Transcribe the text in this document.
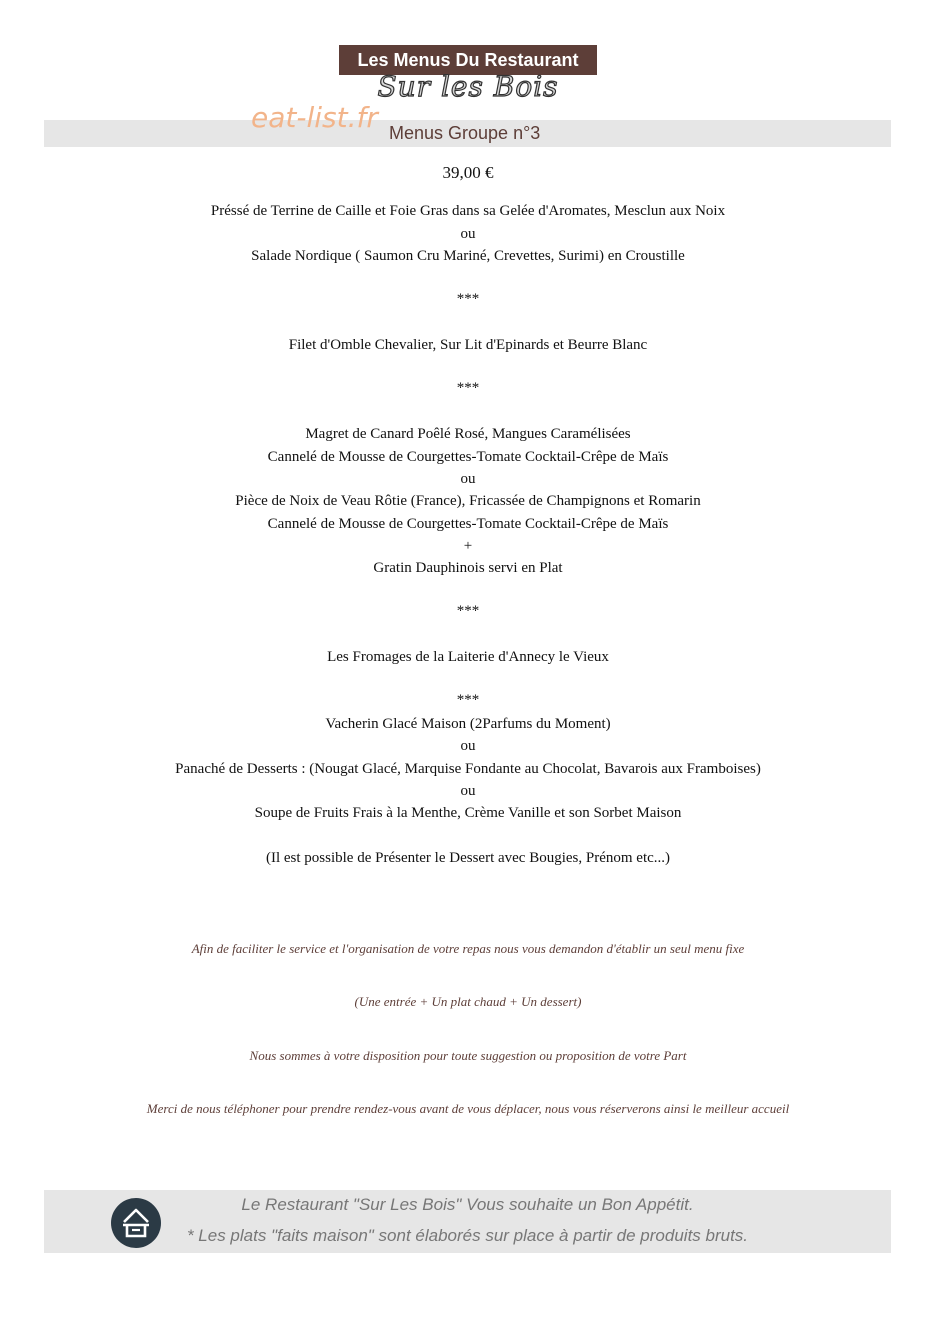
Les Menus Du Restaurant
Sur les Bois
eat-list.fr Menus Groupe n°3
39,00 €
Préssé de Terrine de Caille et Foie Gras dans sa Gelée d'Aromates, Mesclun aux Noix
ou
Salade Nordique ( Saumon Cru Mariné, Crevettes, Surimi) en Croustille
***
Filet d'Omble Chevalier, Sur Lit d'Epinards et Beurre Blanc
***
Magret de Canard Poêlé Rosé, Mangues Caramélisées
Cannelé de Mousse de Courgettes-Tomate Cocktail-Crêpe de Maïs
ou
Pièce de Noix de Veau Rôtie (France), Fricassée de Champignons et Romarin
Cannelé de Mousse de Courgettes-Tomate Cocktail-Crêpe de Maïs
+
Gratin Dauphinois servi en Plat
***
Les Fromages de la Laiterie d'Annecy le Vieux
***
Vacherin Glacé Maison (2Parfums du Moment)
ou
Panaché de Desserts : (Nougat Glacé, Marquise Fondante au Chocolat, Bavarois aux Framboises)
ou
Soupe de Fruits Frais à la Menthe, Crème Vanille et son Sorbet Maison
(Il est possible de Présenter le Dessert avec Bougies, Prénom etc...)
Afin de faciliter le service et l'organisation de votre repas nous vous demandon d'établir un seul menu fixe
(Une entrée + Un plat chaud + Un dessert)
Nous sommes à votre disposition pour toute suggestion ou proposition de votre Part
Merci de nous téléphoner pour prendre rendez-vous avant de vous déplacer, nous vous réserverons ainsi le meilleur accueil
Le Restaurant "Sur Les Bois" Vous souhaite un Bon Appétit.
* Les plats "faits maison" sont élaborés sur place à partir de produits bruts.
